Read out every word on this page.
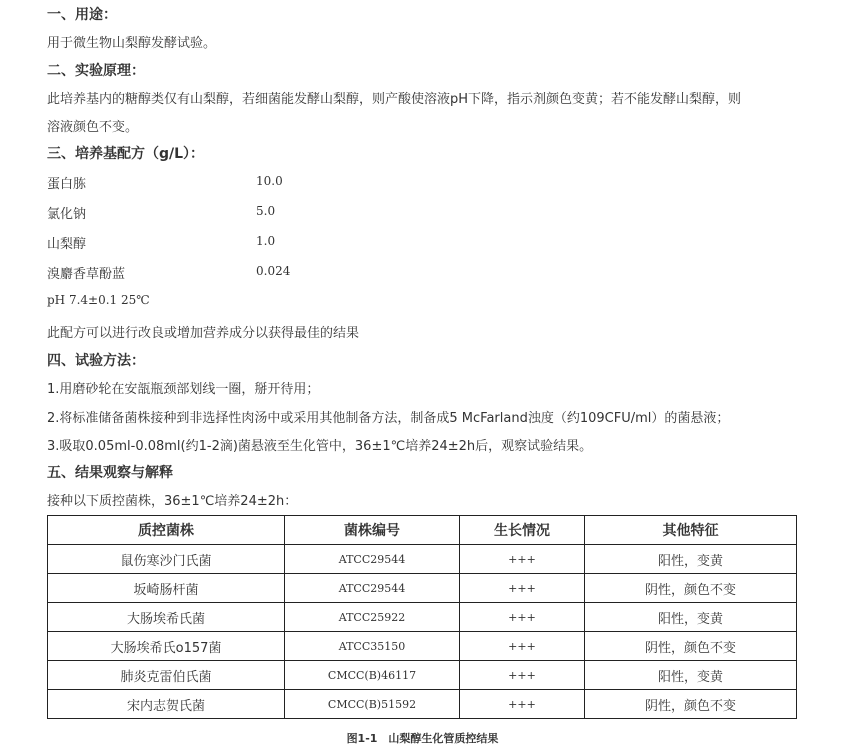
一、用途：
用于微生物山梨醇发酵试验。
二、实验原理：
此培养基内的糖醇类仅有山梨醇，若细菌能发酵山梨醇，则产酸使溶液pH下降，指示剂颜色变黄；若不能发酵山梨醇，则
溶液颜色不变。
三、培养基配方（g/L）：
蛋白胨	10.0
氯化钠	5.0
山梨醇	1.0
溴麝香草酚蓝	0.024
pH 7.4±0.1 25℃
此配方可以进行改良或增加营养成分以获得最佳的结果
四、试验方法：
1.用磨砂轮在安瓿瓶颈部划线一圈，掰开待用；
2.将标准储备菌株接种到非选择性肉汤中或采用其他制备方法，制备成5 McFarland浊度（约109CFU/ml）的菌悬液；
3.吸取0.05ml-0.08ml(约1-2滴)菌悬液至生化管中，36±1℃培养24±2h后，观察试验结果。
五、结果观察与解释
接种以下质控菌株，36±1℃培养24±2h：
质控菌株	菌株编号	生长情况	其他特征
鼠伤寒沙门氏菌	ATCC29544	+++	阳性，变黄
坂崎肠杆菌	ATCC29544	+++	阴性，颜色不变
大肠埃希氏菌	ATCC25922	+++	阳性，变黄
大肠埃希氏o157菌	ATCC35150	+++	阴性，颜色不变
肺炎克雷伯氏菌	CMCC(B)46117	+++	阳性，变黄
宋内志贺氏菌	CMCC(B)51592	+++	阴性，颜色不变
图1-1　山梨醇生化管质控结果
